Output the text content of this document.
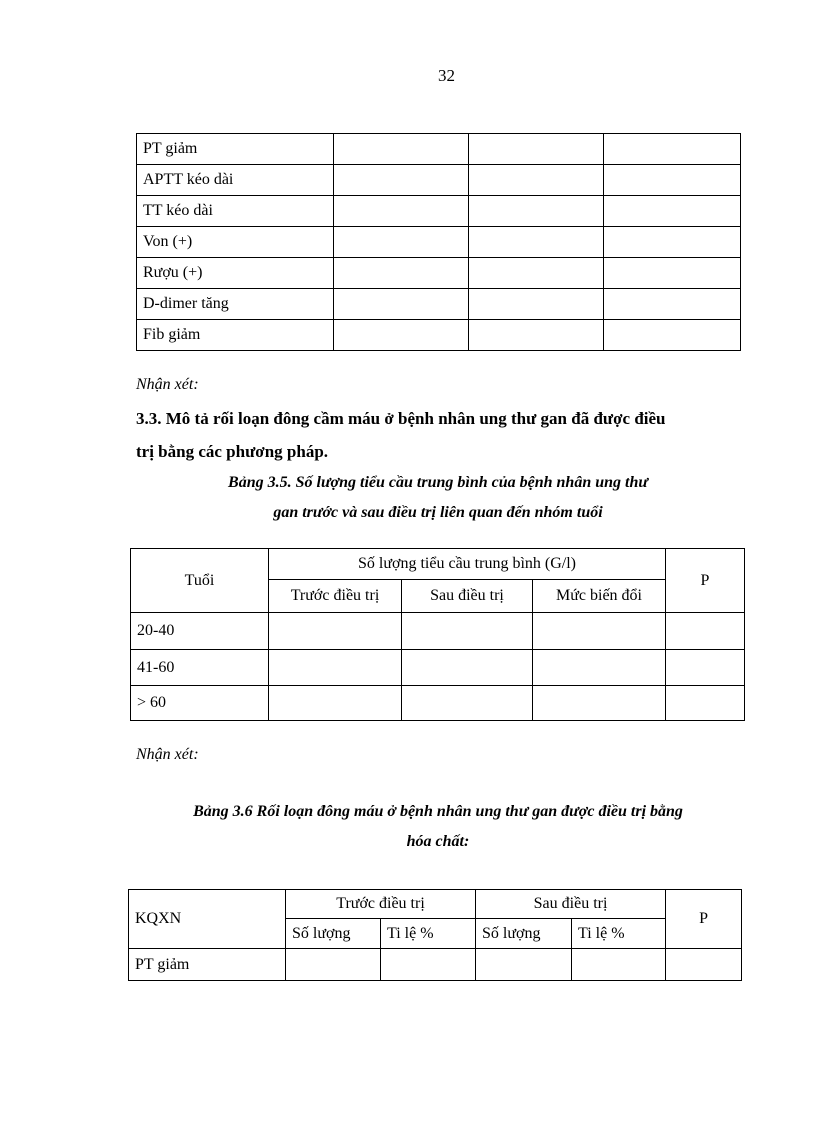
32
PT giảm			
APTT kéo dài			
TT kéo dài			
Von (+)			
Rượu (+)			
D-dimer tăng			
Fib giảm			
Nhận xét:
3.3. Mô tả rối loạn đông cầm máu ở bệnh nhân ung thư gan đã được điều
trị bằng các phương pháp.
Bảng 3.5. Số lượng tiểu cầu trung bình của bệnh nhân ung thư
gan trước và sau điều trị liên quan đến nhóm tuổi
Tuổi	Số lượng tiểu cầu trung bình (G/l)			P
	Trước điều trị	Sau điều trị	Mức biến đổi	
20-40				
41-60				
> 60				
Nhận xét:
Bảng 3.6 Rối loạn đông máu ở bệnh nhân ung thư gan được điều trị bằng
hóa chất:
KQXN	Trước điều trị		Sau điều trị		P
	Số lượng	Ti lệ %	Số lượng	Ti lệ %	
PT giảm					
